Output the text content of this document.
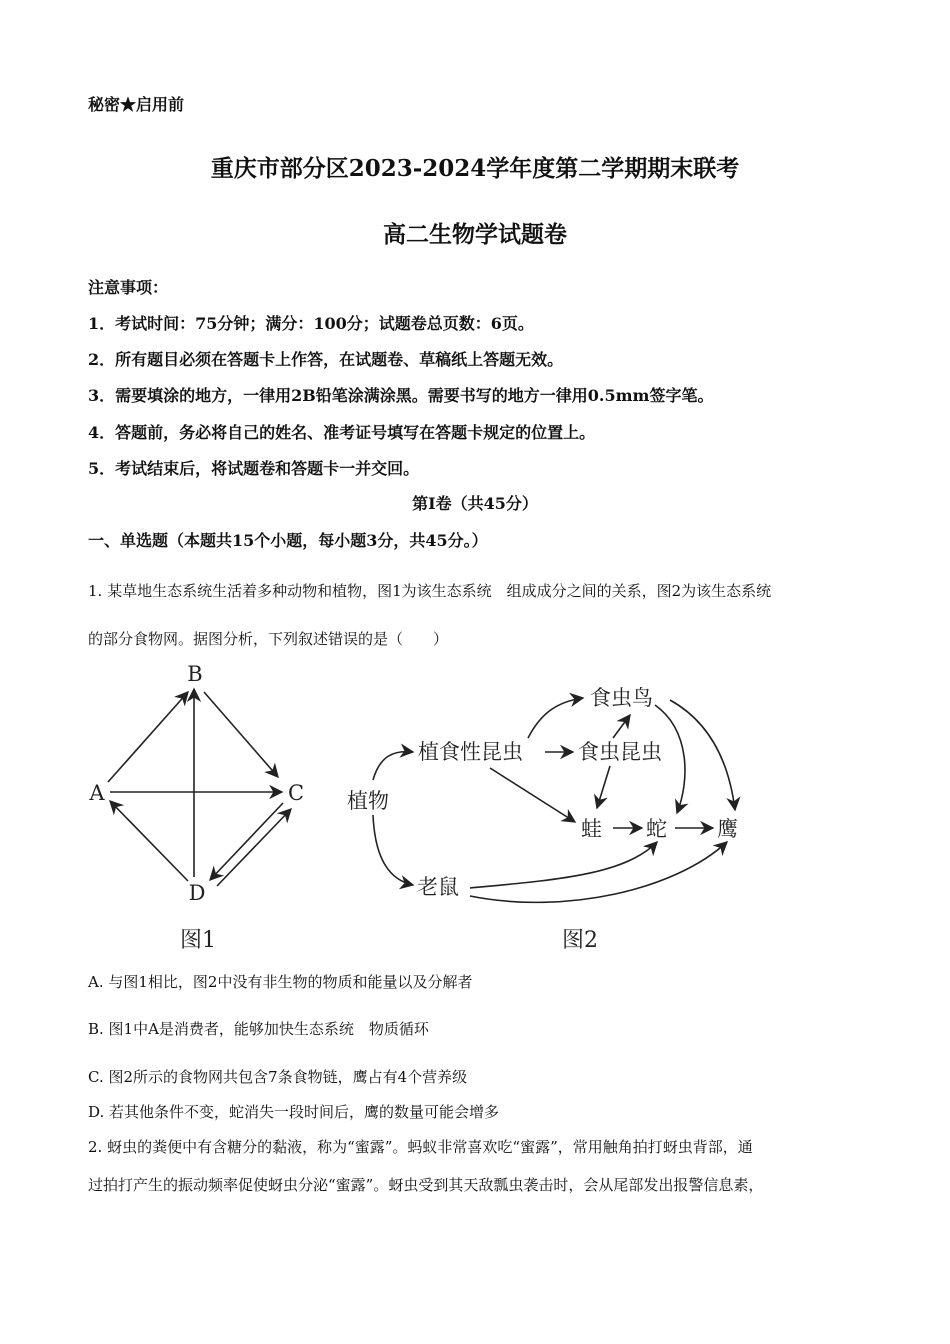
秘密★启用前
重庆市部分区2023-2024学年度第二学期期末联考
高二生物学试题卷
注意事项：
1．考试时间：75分钟；满分：100分；试题卷总页数：6页。
2．所有题目必须在答题卡上作答，在试题卷、草稿纸上答题无效。
3．需要填涂的地方，一律用2B铅笔涂满涂黑。需要书写的地方一律用0.5mm签字笔。
4．答题前，务必将自己的姓名、准考证号填写在答题卡规定的位置上。
5．考试结束后，将试题卷和答题卡一并交回。
第Ⅰ卷（共45分）
一、单选题（本题共15个小题，每小题3分，共45分。）
1. 某草地生态系统生活着多种动物和植物，图1为该生态系统　组成成分之间的关系，图2为该生态系统
的部分食物网。据图分析，下列叙述错误的是（　　）
B
A	C
D
图1
植物
植食性昆虫
食虫鸟
食虫昆虫
蛙 蛇 鹰
老鼠
图2
A. 与图1相比，图2中没有非生物的物质和能量以及分解者
B. 图1中A是消费者，能够加快生态系统　物质循环
C. 图2所示的食物网共包含7条食物链，鹰占有4个营养级
D. 若其他条件不变，蛇消失一段时间后，鹰的数量可能会增多
2. 蚜虫的粪便中有含糖分的黏液，称为“蜜露”。蚂蚁非常喜欢吃“蜜露”，常用触角拍打蚜虫背部，通
过拍打产生的振动频率促使蚜虫分泌“蜜露”。蚜虫受到其天敌瓢虫袭击时，会从尾部发出报警信息素，
